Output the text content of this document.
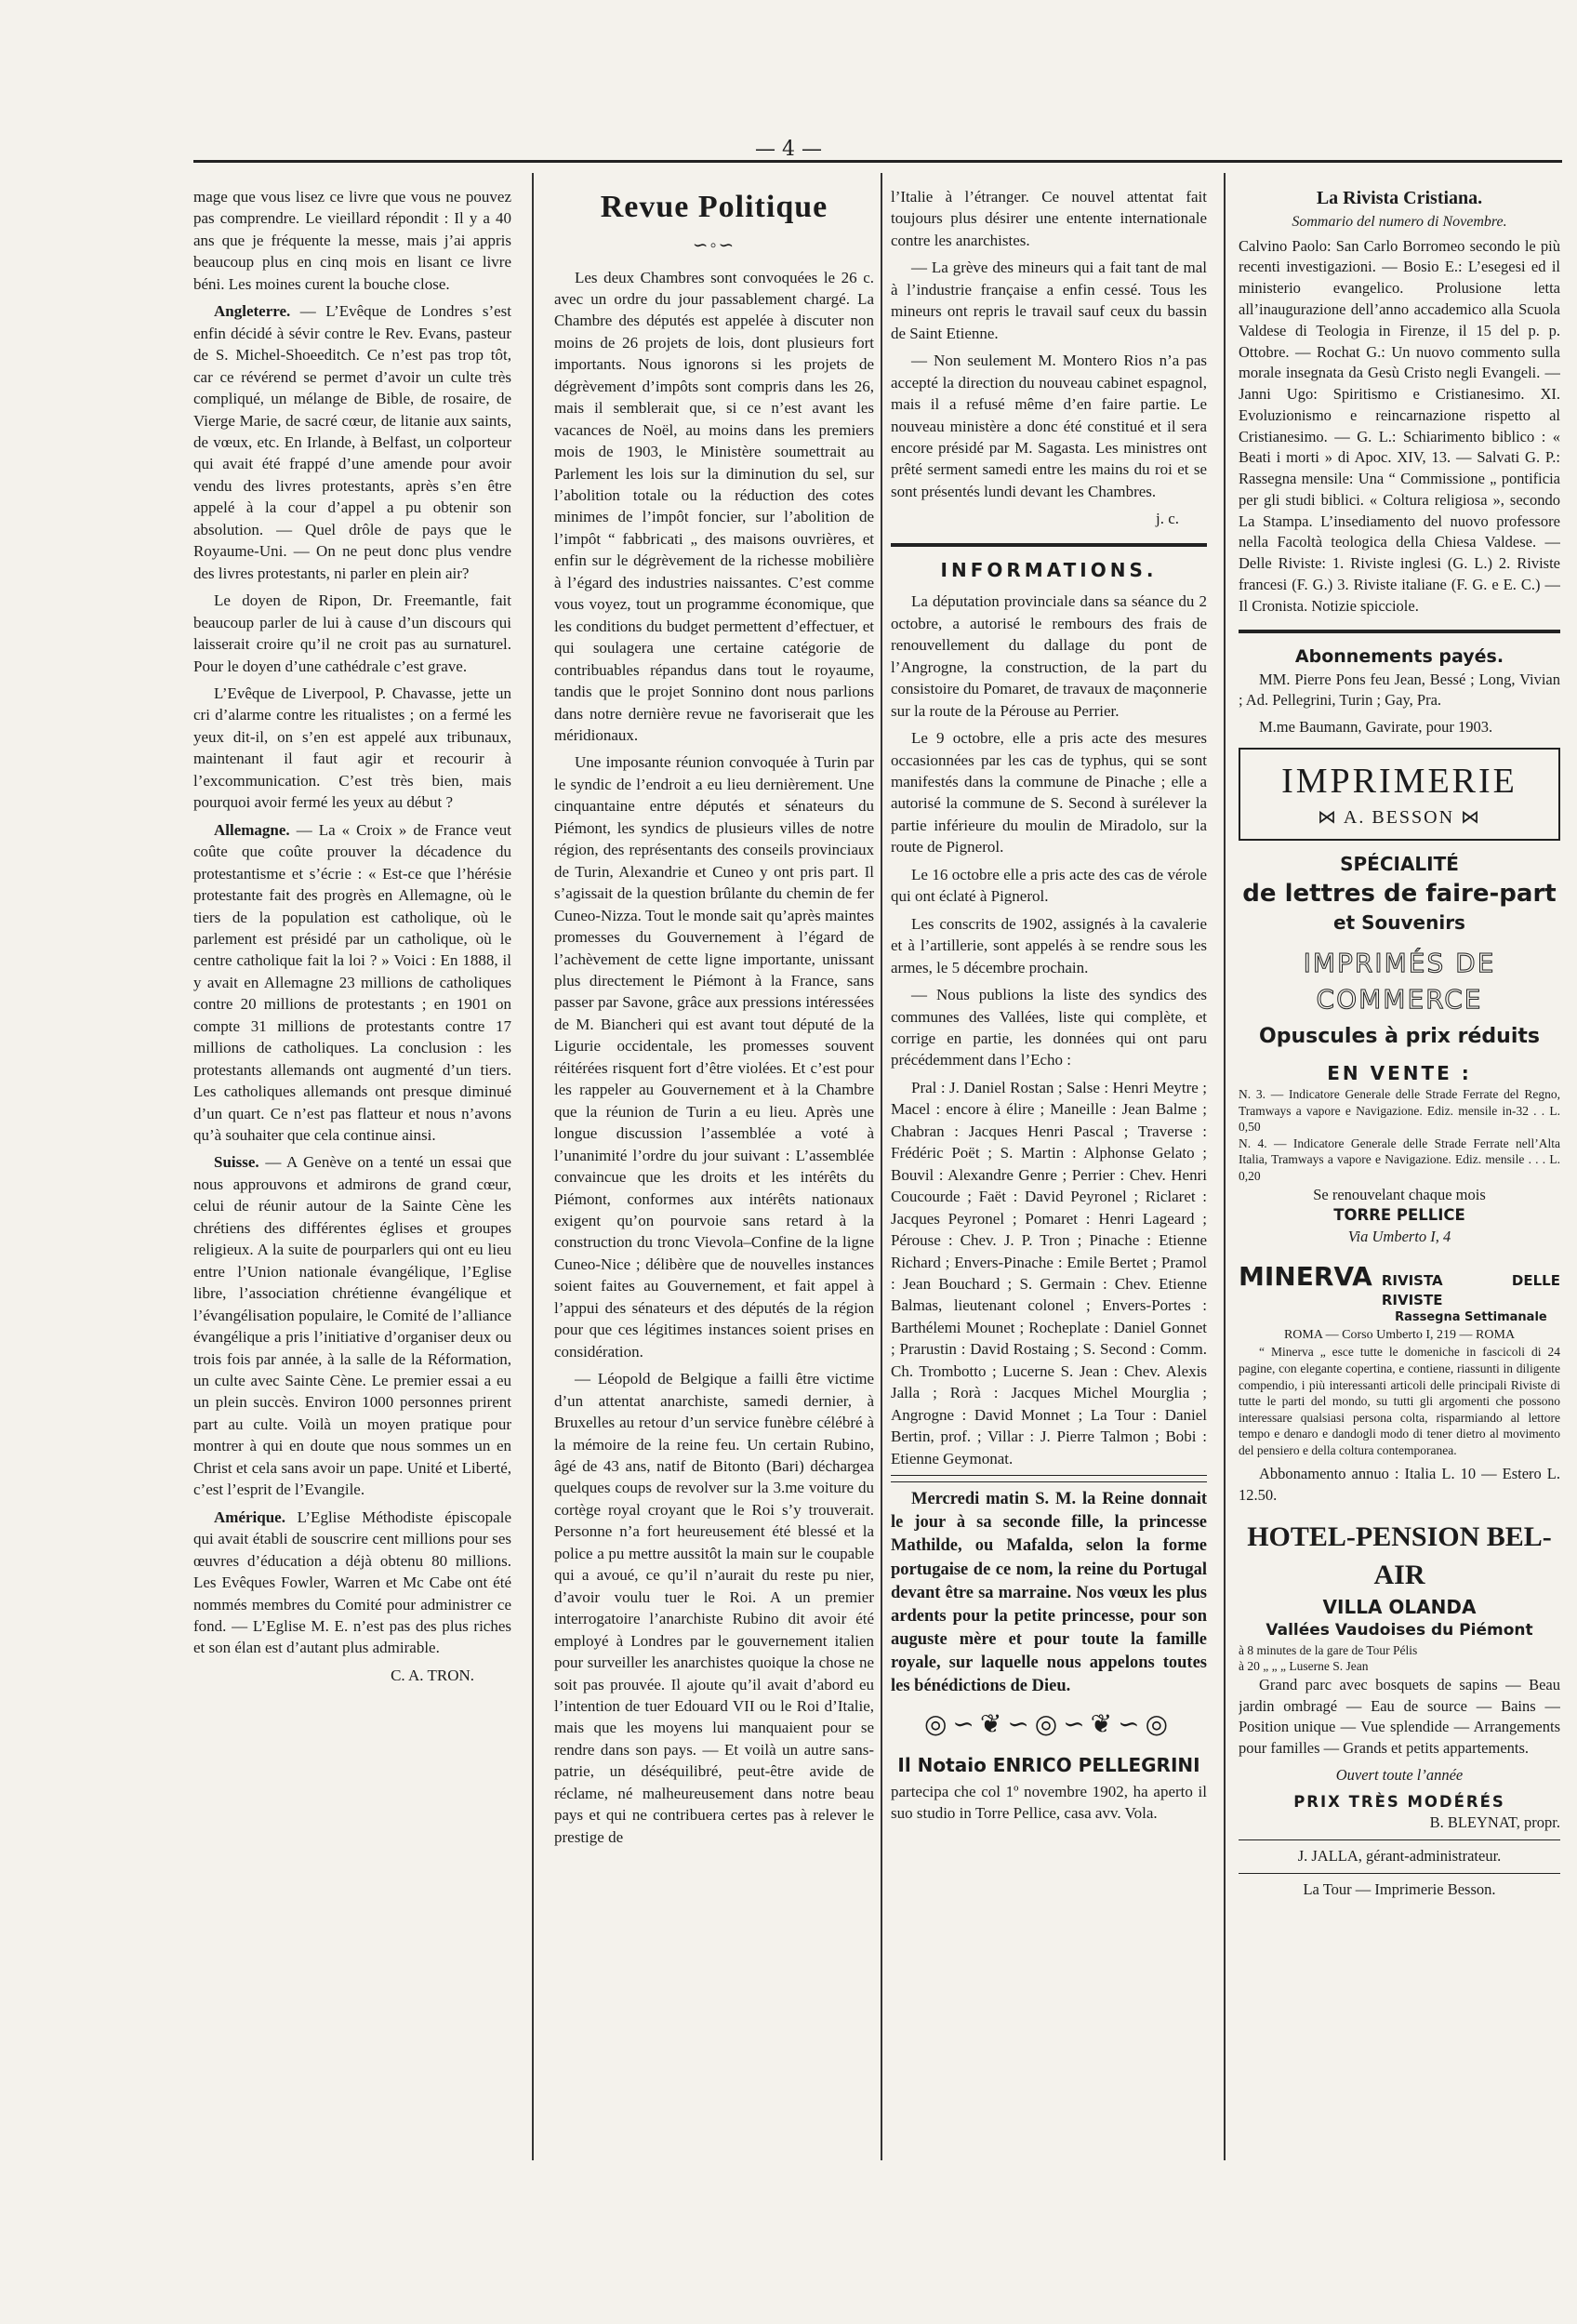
— 4 —

mage que vous lisez ce livre que vous ne pouvez pas comprendre. Le vieillard répondit : Il y a 40 ans que je fréquente la messe, mais j’ai appris beaucoup plus en cinq mois en lisant ce livre béni. Les moines curent la bouche close.

Angleterre. — L’Evêque de Londres s’est enfin décidé à sévir contre le Rev. Evans, pasteur de S. Michel-Shoeeditch. Ce n’est pas trop tôt, car ce révérend se permet d’avoir un culte très compliqué, un mélange de Bible, de rosaire, de Vierge Marie, de sacré cœur, de litanie aux saints, de vœux, etc. En Irlande, à Belfast, un colporteur qui avait été frappé d’une amende pour avoir vendu des livres protestants, après s’en être appelé à la cour d’appel a pu obtenir son absolution. — Quel drôle de pays que le Royaume-Uni. — On ne peut donc plus vendre des livres protestants, ni parler en plein air?

Le doyen de Ripon, Dr. Freemantle, fait beaucoup parler de lui à cause d’un discours qui laisserait croire qu’il ne croit pas au surnaturel. Pour le doyen d’une cathédrale c’est grave.

L’Evêque de Liverpool, P. Chavasse, jette un cri d’alarme contre les ritualistes ; on a fermé les yeux dit-il, on s’en est appelé aux tribunaux, maintenant il faut agir et recourir à l’excommunication. C’est très bien, mais pourquoi avoir fermé les yeux au début ?

Allemagne. — La « Croix » de France veut coûte que coûte prouver la décadence du protestantisme et s’écrie : « Est-ce que l’hérésie protestante fait des progrès en Allemagne, où le tiers de la population est catholique, où le parlement est présidé par un catholique, où le centre catholique fait la loi ? » Voici : En 1888, il y avait en Allemagne 23 millions de catholiques contre 20 millions de protestants ; en 1901 on compte 31 millions de protestants contre 17 millions de catholiques. La conclusion : les protestants allemands ont augmenté d’un tiers. Les catholiques allemands ont presque diminué d’un quart. Ce n’est pas flatteur et nous n’avons qu’à souhaiter que cela continue ainsi.

Suisse. — A Genève on a tenté un essai que nous approuvons et admirons de grand cœur, celui de réunir autour de la Sainte Cène les chrétiens des différentes églises et groupes religieux. A la suite de pourparlers qui ont eu lieu entre l’Union nationale évangélique, l’Eglise libre, l’association chrétienne évangélique et l’évangélisation populaire, le Comité de l’alliance évangélique a pris l’initiative d’organiser deux ou trois fois par année, à la salle de la Réformation, un culte avec Sainte Cène. Le premier essai a eu un plein succès. Environ 1000 personnes prirent part au culte. Voilà un moyen pratique pour montrer à qui en doute que nous sommes un en Christ et cela sans avoir un pape. Unité et Liberté, c’est l’esprit de l’Evangile.

Amérique. L’Eglise Méthodiste épiscopale qui avait établi de souscrire cent millions pour ses œuvres d’éducation a déjà obtenu 80 millions. Les Evêques Fowler, Warren et Mc Cabe ont été nommés membres du Comité pour administrer ce fond. — L’Eglise M. E. n’est pas des plus riches et son élan est d’autant plus admirable.

C. A. TRON.

Revue Politique
∽◦∽

Les deux Chambres sont convoquées le 26 c. avec un ordre du jour passablement chargé. La Chambre des députés est appelée à discuter non moins de 26 projets de lois, dont plusieurs fort importants. Nous ignorons si les projets de dégrèvement d’impôts sont compris dans les 26, mais il semblerait que, si ce n’est avant les vacances de Noël, au moins dans les premiers mois de 1903, le Ministère soumettrait au Parlement les lois sur la diminution du sel, sur l’abolition totale ou la réduction des cotes minimes de l’impôt foncier, sur l’abolition de l’impôt “ fabbricati „ des maisons ouvrières, et enfin sur le dégrèvement de la richesse mobilière à l’égard des industries naissantes. C’est comme vous voyez, tout un programme économique, que les conditions du budget permettent d’effectuer, et qui soulagera une certaine catégorie de contribuables répandus dans tout le royaume, tandis que le projet Sonnino dont nous parlions dans notre dernière revue ne favoriserait que les méridionaux.

Une imposante réunion convoquée à Turin par le syndic de l’endroit a eu lieu dernièrement. Une cinquantaine entre députés et sénateurs du Piémont, les syndics de plusieurs villes de notre région, des représentants des conseils provinciaux de Turin, Alexandrie et Cuneo y ont pris part. Il s’agissait de la question brûlante du chemin de fer Cuneo-Nizza. Tout le monde sait qu’après maintes promesses du Gouvernement à l’égard de l’achèvement de cette ligne importante, unissant plus directement le Piémont à la France, sans passer par Savone, grâce aux pressions intéressées de M. Biancheri qui est avant tout député de la Ligurie occidentale, les promesses souvent réitérées risquent fort d’être violées. Et c’est pour les rappeler au Gouvernement et à la Chambre que la réunion de Turin a eu lieu. Après une longue discussion l’assemblée a voté à l’unanimité l’ordre du jour suivant : L’assemblée convaincue que les droits et les intérêts du Piémont, conformes aux intérêts nationaux exigent qu’on pourvoie sans retard à la construction du tronc Vievola–Confine de la ligne Cuneo-Nice ; délibère que de nouvelles instances soient faites au Gouvernement, et fait appel à l’appui des sénateurs et des députés de la région pour que ces légitimes instances soient prises en considération.

— Léopold de Belgique a failli être victime d’un attentat anarchiste, samedi dernier, à Bruxelles au retour d’un service funèbre célébré à la mémoire de la reine feu. Un certain Rubino, âgé de 43 ans, natif de Bitonto (Bari) déchargea quelques coups de revolver sur la 3.me voiture du cortège royal croyant que le Roi s’y trouverait. Personne n’a fort heureusement été blessé et la police a pu mettre aussitôt la main sur le coupable qui a avoué, ce qu’il n’aurait du reste pu nier, d’avoir voulu tuer le Roi. A un premier interrogatoire l’anarchiste Rubino dit avoir été employé à Londres par le gouvernement italien pour surveiller les anarchistes quoique la chose ne soit pas prouvée. Il ajoute qu’il avait d’abord eu l’intention de tuer Edouard VII ou le Roi d’Italie, mais que les moyens lui manquaient pour se rendre dans son pays. — Et voilà un autre sans-patrie, un déséquilibré, peut-être avide de réclame, né malheureusement dans notre beau pays et qui ne contribuera certes pas à relever le prestige de

l’Italie à l’étranger. Ce nouvel attentat fait toujours plus désirer une entente internationale contre les anarchistes.

— La grève des mineurs qui a fait tant de mal à l’industrie française a enfin cessé. Tous les mineurs ont repris le travail sauf ceux du bassin de Saint Etienne.

— Non seulement M. Montero Rios n’a pas accepté la direction du nouveau cabinet espagnol, mais il a refusé même d’en faire partie. Le nouveau ministère a donc été constitué et il sera encore présidé par M. Sagasta. Les ministres ont prêté serment samedi entre les mains du roi et se sont présentés lundi devant les Chambres.

j. c.

INFORMATIONS.

La députation provinciale dans sa séance du 2 octobre, a autorisé le rembours des frais de renouvellement du dallage du pont de l’Angrogne, la construction, de la part du consistoire du Pomaret, de travaux de maçonnerie sur la route de la Pérouse au Perrier.

Le 9 octobre, elle a pris acte des mesures occasionnées par les cas de typhus, qui se sont manifestés dans la commune de Pinache ; elle a autorisé la commune de S. Second à surélever la partie inférieure du moulin de Miradolo, sur la route de Pignerol.

Le 16 octobre elle a pris acte des cas de vérole qui ont éclaté à Pignerol.

Les conscrits de 1902, assignés à la cavalerie et à l’artillerie, sont appelés à se rendre sous les armes, le 5 décembre prochain.

— Nous publions la liste des syndics des communes des Vallées, liste qui complète, et corrige en partie, les données qui ont paru précédemment dans l’Echo :

Pral : J. Daniel Rostan ; Salse : Henri Meytre ; Macel : encore à élire ; Maneille : Jean Balme ; Chabran : Jacques Henri Pascal ; Traverse : Frédéric Poët ; S. Martin : Alphonse Gelato ; Bouvil : Alexandre Genre ; Perrier : Chev. Henri Coucourde ; Faët : David Peyronel ; Riclaret : Jacques Peyronel ; Pomaret : Henri Lageard ; Pérouse : Chev. J. P. Tron ; Pinache : Etienne Richard ; Envers-Pinache : Emile Bertet ; Pramol : Jean Bouchard ; S. Germain : Chev. Etienne Balmas, lieutenant colonel ; Envers-Portes : Barthélemi Mounet ; Rocheplate : Daniel Gonnet ; Prarustin : David Rostaing ; S. Second : Comm. Ch. Trombotto ; Lucerne S. Jean : Chev. Alexis Jalla ; Rorà : Jacques Michel Mourglia ; Angrogne : David Monnet ; La Tour : Daniel Bertin, prof. ; Villar : J. Pierre Talmon ; Bobi : Etienne Geymonat.

Mercredi matin S. M. la Reine donnait le jour à sa seconde fille, la princesse Mathilde, ou Mafalda, selon la forme portugaise de ce nom, la reine du Portugal devant être sa marraine. Nos vœux les plus ardents pour la petite princesse, pour son auguste mère et pour toute la famille royale, sur laquelle nous appelons toutes les bénédictions de Dieu.

◎∽❦∽◎∽❦∽◎
Il Notaio ENRICO PELLEGRINI

partecipa che col 1º novembre 1902, ha aperto il suo studio in Torre Pellice, casa avv. Vola.

La Rivista Cristiana.
Sommario del numero di Novembre.

Calvino Paolo: San Carlo Borromeo secondo le più recenti investigazioni. — Bosio E.: L’esegesi ed il ministerio evangelico. Prolusione letta all’inaugurazione dell’anno accademico alla Scuola Valdese di Teologia in Firenze, il 15 del p. p. Ottobre. — Rochat G.: Un nuovo commento sulla morale insegnata da Gesù Cristo negli Evangeli. — Janni Ugo: Spiritismo e Cristianesimo. XI. Evoluzionismo e reincarnazione rispetto al Cristianesimo. — G. L.: Schiarimento biblico : « Beati i morti » di Apoc. XIV, 13. — Salvati G. P.: Rassegna mensile: Una “ Commissione „ pontificia per gli studi biblici. « Coltura religiosa », secondo La Stampa. L’insediamento del nuovo professore nella Facoltà teologica della Chiesa Valdese. — Delle Riviste: 1. Riviste inglesi (G. L.) 2. Riviste francesi (F. G.) 3. Riviste italiane (F. G. e E. C.) — Il Cronista. Notizie spicciole.

Abonnements payés.

MM. Pierre Pons feu Jean, Bessé ; Long, Vivian ; Ad. Pellegrini, Turin ; Gay, Pra.

M.me Baumann, Gavirate, pour 1903.

IMPRIMERIE
⋈ A. BESSON ⋈
SPÉCIALITÉ
de lettres de faire-part
et Souvenirs
IMPRIMÉS DE COMMERCE
Opuscules à prix réduits
EN VENTE :
N. 3. — Indicatore Generale delle Strade Ferrate del Regno, Tramways a vapore e Navigazione. Ediz. mensile in-32 . . L. 0,50
N. 4. — Indicatore Generale delle Strade Ferrate nell’Alta Italia, Tramways a vapore e Navigazione. Ediz. mensile . . . L. 0,20
Se renouvelant chaque mois
TORRE PELLICE
Via Umberto I, 4
MINERVA RIVISTA DELLE RIVISTE
Rassegna Settimanale
ROMA — Corso Umberto I, 219 — ROMA

“ Minerva „ esce tutte le domeniche in fascicoli di 24 pagine, con elegante copertina, e contiene, riassunti in diligente compendio, i più interessanti articoli delle principali Riviste di tutte le parti del mondo, su tutti gli argomenti che possono interessare qualsiasi persona colta, risparmiando al lettore tempo e denaro e dandogli modo di tener dietro al movimento del pensiero e della coltura contemporanea.

Abbonamento annuo : Italia L. 10 — Estero L. 12.50.

HOTEL-PENSION BEL-AIR
VILLA OLANDA
Vallées Vaudoises du Piémont
à 8 minutes de la gare de Tour Pélis
à 20 „ „ „ Luserne S. Jean

Grand parc avec bosquets de sapins — Beau jardin ombragé — Eau de source — Bains — Position unique — Vue splendide — Arrangements pour familles — Grands et petits appartements.

Ouvert toute l’année
PRIX TRÈS MODÉRÉS
B. BLEYNAT, propr.
J. JALLA, gérant-administrateur.
La Tour — Imprimerie Besson.
